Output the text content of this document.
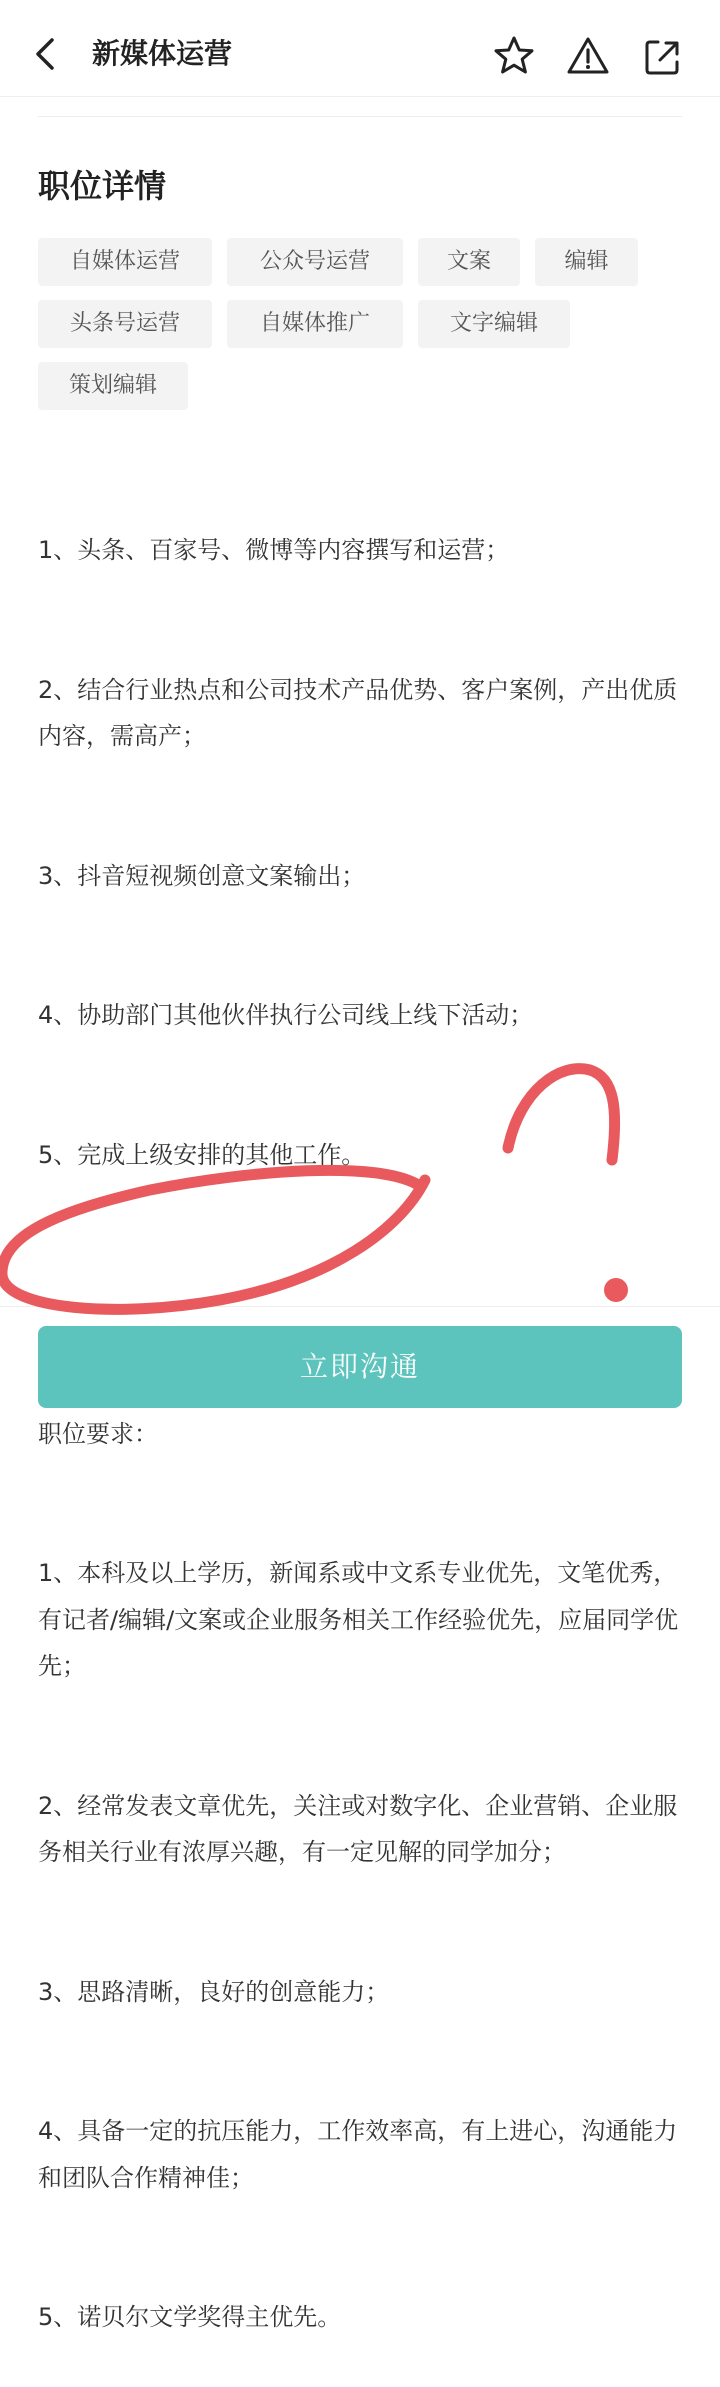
新媒体运营
职位详情
自媒体运营	公众号运营	文案	编辑
头条号运营	自媒体推广	文字编辑
策划编辑

1、头条、百家号、微博等内容撰写和运营；

2、结合行业热点和公司技术产品优势、客户案例，产出优质内容，需高产；

3、抖音短视频创意文案输出；

4、协助部门其他伙伴执行公司线上线下活动；

5、完成上级安排的其他工作。

职位要求：

1、本科及以上学历，新闻系或中文系专业优先，文笔优秀，有记者/编辑/文案或企业服务相关工作经验优先，应届同学优先；

2、经常发表文章优先，关注或对数字化、企业营销、企业服务相关行业有浓厚兴趣，有一定见解的同学加分；

3、思路清晰，良好的创意能力；

4、具备一定的抗压能力，工作效率高，有上进心，沟通能力和团队合作精神佳；

5、诺贝尔文学奖得主优先。

立即沟通
